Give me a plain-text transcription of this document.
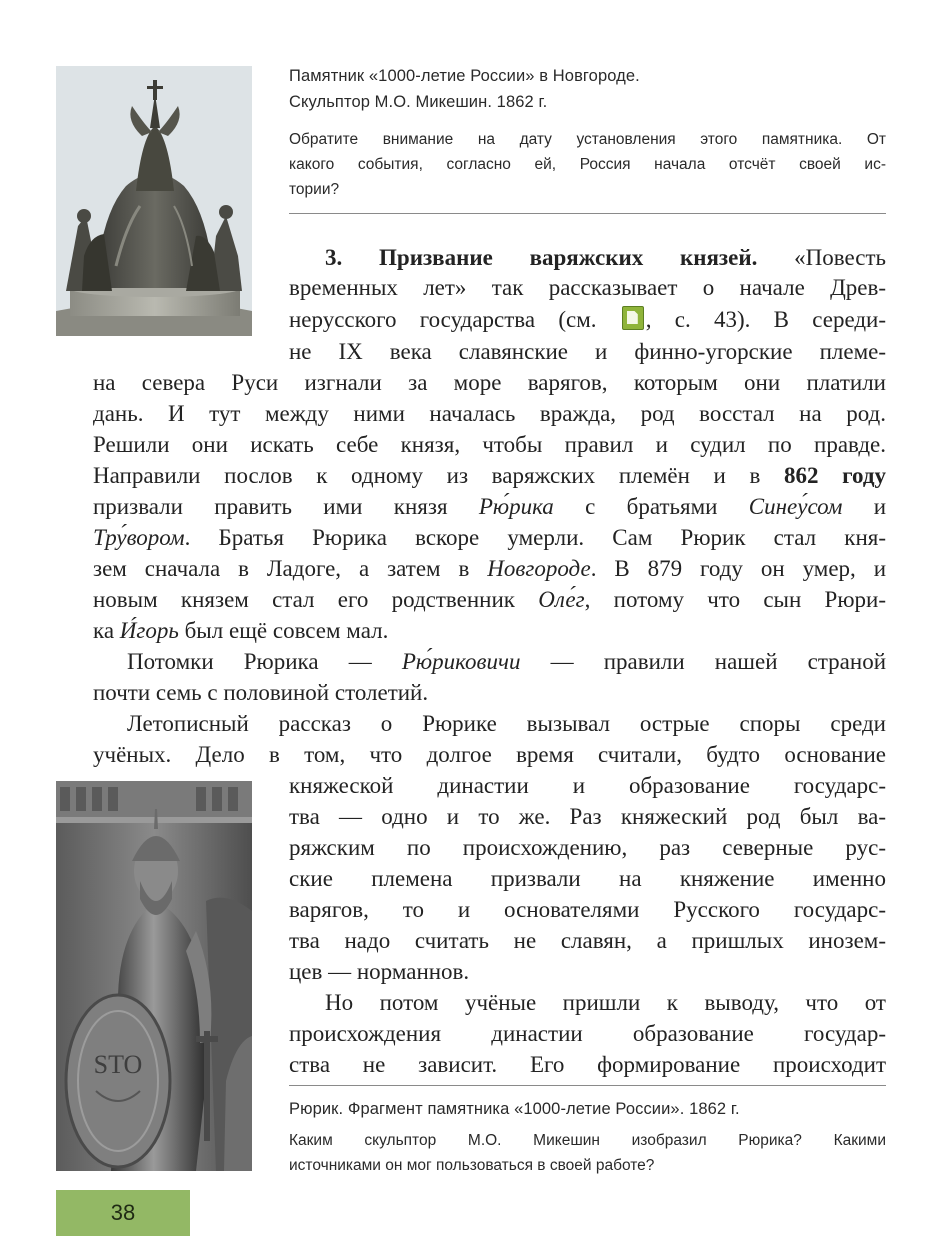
Памятник «1000-летие России» в Новгороде.
Скульптор М.О. Микешин. 1862 г.
Обратите внимание на дату установления этого памятника. От
какого события, согласно ей, Россия начала отсчёт своей ис-
тории?
3. Призвание варяжских князей. «Повесть
временных лет» так рассказывает о начале Древ-
нерусского государства (см. , с. 43). В середи-
не IX века славянские и финно-угорские племе-
на севера Руси изгнали за море варягов, которым они платили
дань. И тут между ними началась вражда, род восстал на род.
Решили они искать себе князя, чтобы правил и судил по правде.
Направили послов к одному из варяжских племён и в 862 году
призвали править ими князя Рю́рика с братьями Синеу́сом и
Тру́вором. Братья Рюрика вскоре умерли. Сам Рюрик стал кня-
зем сначала в Ладоге, а затем в Новгороде. В 879 году он умер, и
новым князем стал его родственник Оле́г, потому что сын Рюри-
ка И́горь был ещё совсем мал.
Потомки Рюрика — Рю́риковичи — правили нашей страной
почти семь с половиной столетий.
Летописный рассказ о Рюрике вызывал острые споры среди
учёных. Дело в том, что долгое время считали, будто основание
княжеской династии и образование государс-
тва — одно и то же. Раз княжеский род был ва-
ряжским по происхождению, раз северные рус-
ские племена призвали на княжение именно
варягов, то и основателями Русского государс-
тва надо считать не славян, а пришлых инозем-
цев — норманнов.
Но потом учёные пришли к выводу, что от
происхождения династии образование государ-
ства не зависит. Его формирование происходит
STO
Рюрик. Фрагмент памятника «1000-летие России». 1862 г.
Каким скульптор М.О. Микешин изобразил Рюрика? Какими
источниками он мог пользоваться в своей работе?
38
